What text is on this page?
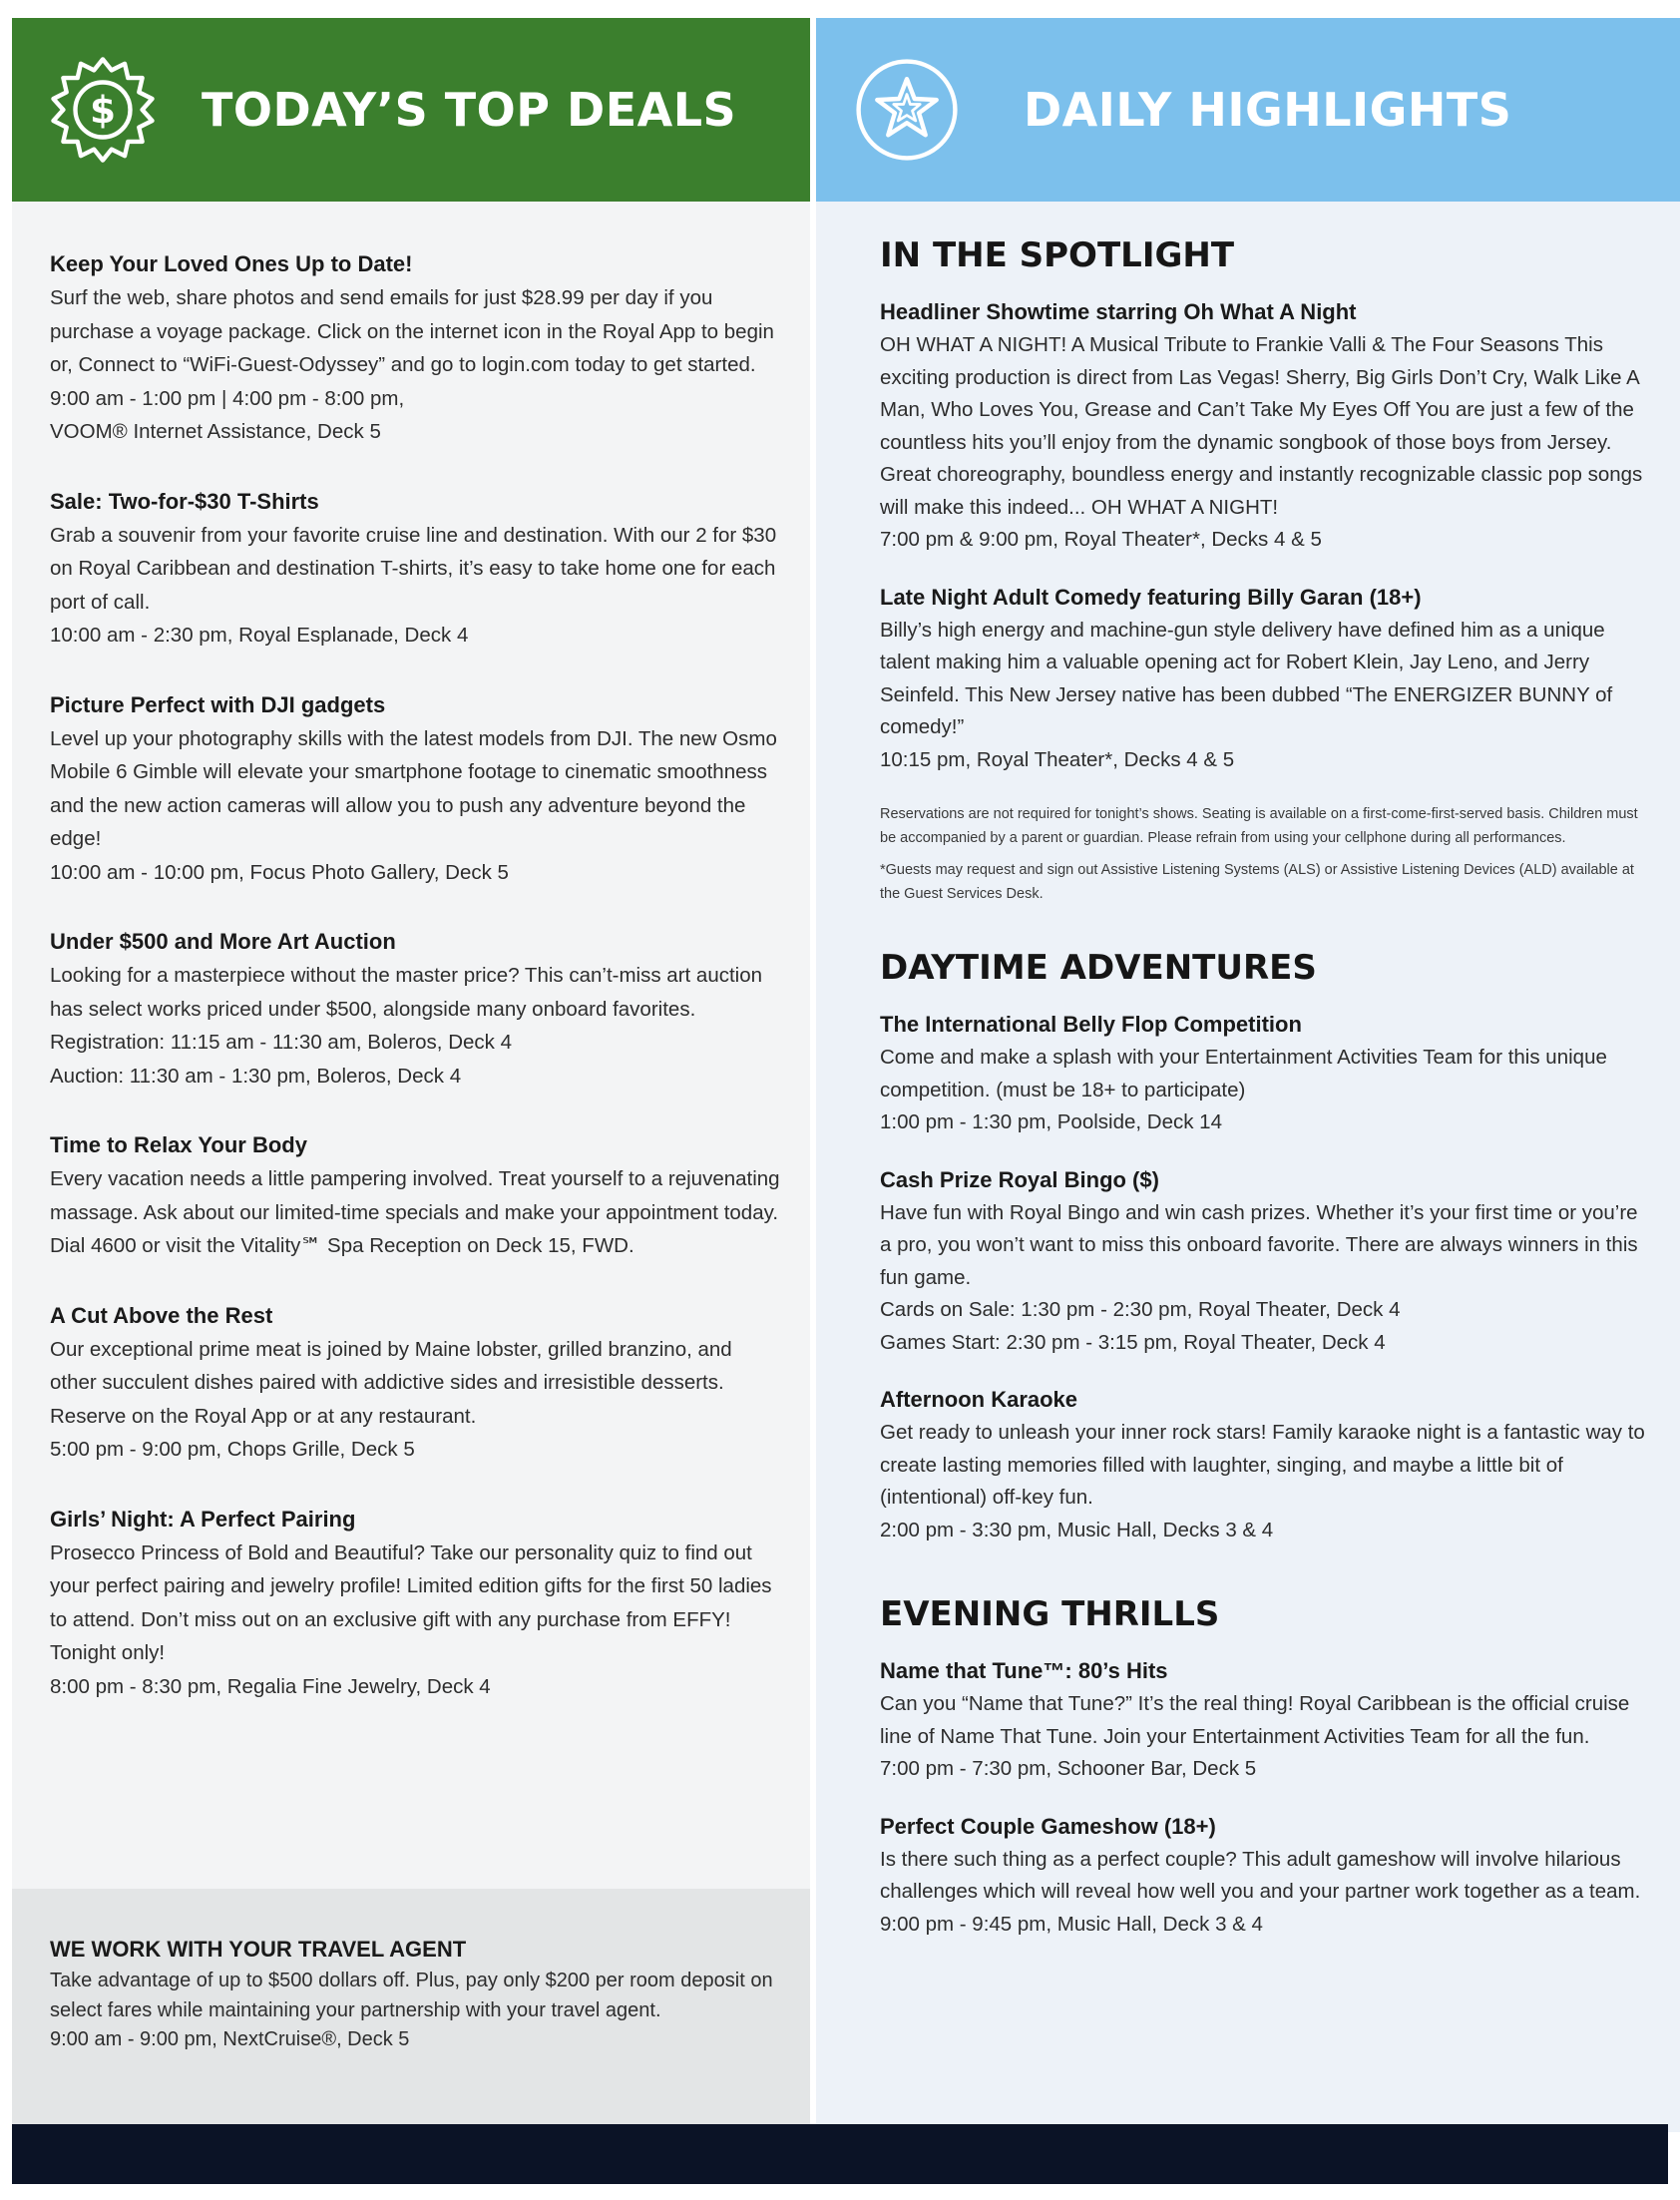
$ TODAY’S TOP DEALS
Keep Your Loved Ones Up to Date!
Surf the web, share photos and send emails for just $28.99 per day if you purchase a voyage package. Click on the internet icon in the Royal App to begin or, Connect to “WiFi-Guest-Odyssey” and go to login.com today to get started.
9:00 am - 1:00 pm | 4:00 pm - 8:00 pm,
VOOM® Internet Assistance, Deck 5
Sale: Two-for-$30 T-Shirts
Grab a souvenir from your favorite cruise line and destination. With our 2 for $30 on Royal Caribbean and destination T-shirts, it’s easy to take home one for each port of call.
10:00 am - 2:30 pm, Royal Esplanade, Deck 4
Picture Perfect with DJI gadgets
Level up your photography skills with the latest models from DJI. The new Osmo Mobile 6 Gimble will elevate your smartphone footage to cinematic smoothness and the new action cameras will allow you to push any adventure beyond the edge!
10:00 am - 10:00 pm, Focus Photo Gallery, Deck 5
Under $500 and More Art Auction
Looking for a masterpiece without the master price? This can’t-miss art auction has select works priced under $500, alongside many onboard favorites.
Registration: 11:15 am - 11:30 am, Boleros, Deck 4
Auction: 11:30 am - 1:30 pm, Boleros, Deck 4
Time to Relax Your Body
Every vacation needs a little pampering involved. Treat yourself to a rejuvenating massage. Ask about our limited-time specials and make your appointment today.
Dial 4600 or visit the Vitality℠ Spa Reception on Deck 15, FWD.
A Cut Above the Rest
Our exceptional prime meat is joined by Maine lobster, grilled branzino, and other succulent dishes paired with addictive sides and irresistible desserts. Reserve on the Royal App or at any restaurant.
5:00 pm - 9:00 pm, Chops Grille, Deck 5
Girls’ Night: A Perfect Pairing
Prosecco Princess of Bold and Beautiful? Take our personality quiz to find out your perfect pairing and jewelry profile! Limited edition gifts for the first 50 ladies to attend. Don’t miss out on an exclusive gift with any purchase from EFFY! Tonight only!
8:00 pm - 8:30 pm, Regalia Fine Jewelry, Deck 4
WE WORK WITH YOUR TRAVEL AGENT
Take advantage of up to $500 dollars off. Plus, pay only $200 per room deposit on select fares while maintaining your partnership with your travel agent.
9:00 am - 9:00 pm, NextCruise®, Deck 5
DAILY HIGHLIGHTS
IN THE SPOTLIGHT
Headliner Showtime starring Oh What A Night
OH WHAT A NIGHT! A Musical Tribute to Frankie Valli & The Four Seasons This exciting production is direct from Las Vegas! Sherry, Big Girls Don’t Cry, Walk Like A Man, Who Loves You, Grease and Can’t Take My Eyes Off You are just a few of the countless hits you’ll enjoy from the dynamic songbook of those boys from Jersey. Great choreography, boundless energy and instantly recognizable classic pop songs will make this indeed... OH WHAT A NIGHT!
7:00 pm & 9:00 pm, Royal Theater*, Decks 4 & 5
Late Night Adult Comedy featuring Billy Garan (18+)
Billy’s high energy and machine-gun style delivery have defined him as a unique talent making him a valuable opening act for Robert Klein, Jay Leno, and Jerry Seinfeld. This New Jersey native has been dubbed “The ENERGIZER BUNNY of comedy!”
10:15 pm, Royal Theater*, Decks 4 & 5
Reservations are not required for tonight’s shows. Seating is available on a first-come-first-served basis. Children must be accompanied by a parent or guardian. Please refrain from using your cellphone during all performances.
*Guests may request and sign out Assistive Listening Systems (ALS) or Assistive Listening Devices (ALD) available at the Guest Services Desk.
DAYTIME ADVENTURES
The International Belly Flop Competition
Come and make a splash with your Entertainment Activities Team for this unique competition. (must be 18+ to participate)
1:00 pm - 1:30 pm, Poolside, Deck 14
Cash Prize Royal Bingo ($)
Have fun with Royal Bingo and win cash prizes. Whether it’s your first time or you’re a pro, you won’t want to miss this onboard favorite. There are always winners in this fun game.
Cards on Sale: 1:30 pm - 2:30 pm, Royal Theater, Deck 4
Games Start: 2:30 pm - 3:15 pm, Royal Theater, Deck 4
Afternoon Karaoke
Get ready to unleash your inner rock stars! Family karaoke night is a fantastic way to create lasting memories filled with laughter, singing, and maybe a little bit of (intentional) off-key fun.
2:00 pm - 3:30 pm, Music Hall, Decks 3 & 4
EVENING THRILLS
Name that Tune™: 80’s Hits
Can you “Name that Tune?” It’s the real thing! Royal Caribbean is the official cruise line of Name That Tune. Join your Entertainment Activities Team for all the fun.
7:00 pm - 7:30 pm, Schooner Bar, Deck 5
Perfect Couple Gameshow (18+)
Is there such thing as a perfect couple? This adult gameshow will involve hilarious challenges which will reveal how well you and your partner work together as a team.
9:00 pm - 9:45 pm, Music Hall, Deck 3 & 4
